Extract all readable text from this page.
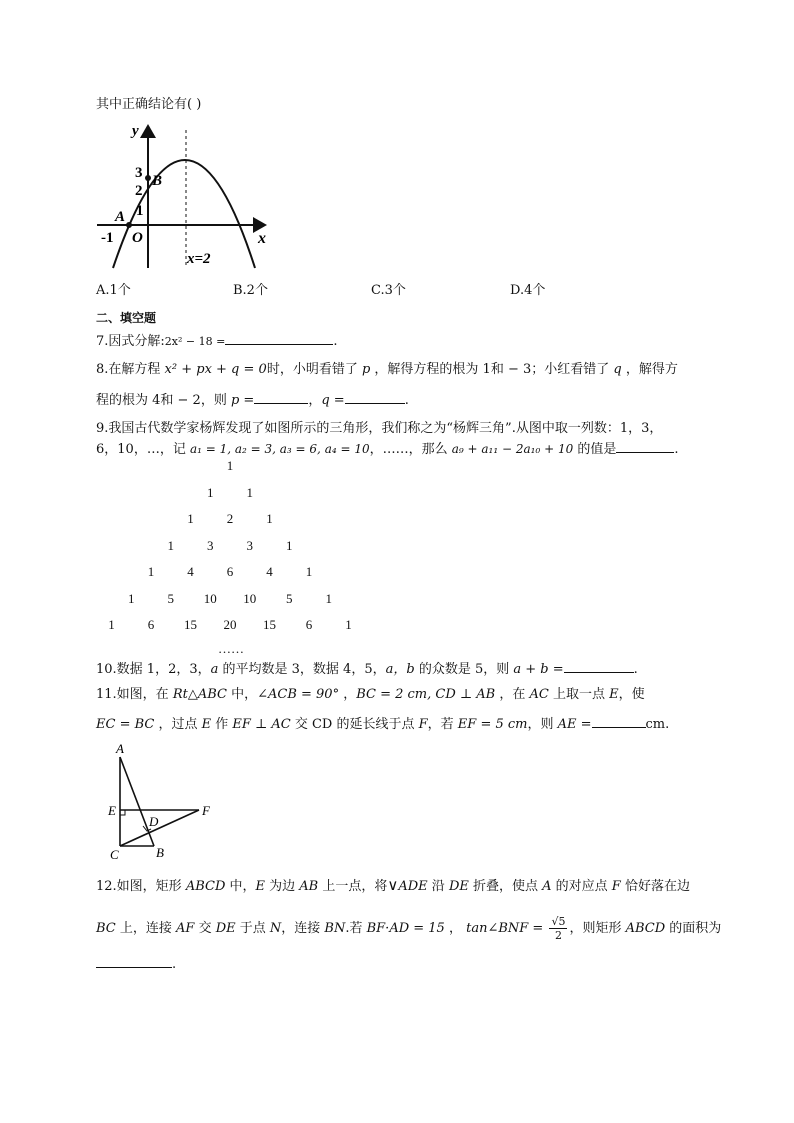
其中正确结论有( )
y
x
O
A
B
3
2
1
-1
x=2
A.1个	B.2个	C.3个	D.4个
二、填空题
7.因式分解:2x² − 18 =	.
8.在解方程 x² + px + q = 0时，小明看错了 p ，解得方程的根为 1和 − 3；小红看错了 q ，解得方
程的根为 4和 − 2，则 p =	，q =	.
9.我国古代数学家杨辉发现了如图所示的三角形，我们称之为“杨辉三角”.从图中取一列数：1，3，
6，10，…，记 a₁ = 1, a₂ = 3, a₃ = 6, a₄ = 10，……，那么 a₉ + a₁₁ − 2a₁₀ + 10 的值是	.
1
1	1
1	2	1
1	3	3	1
1	4	6	4	1
1	5	10 10	5	1
1	6	15 20 15	6	1
……
10.数据 1，2，3，a 的平均数是 3，数据 4，5，a，b 的众数是 5，则 a + b =	.
11.如图，在 Rt△ABC 中，∠ACB = 90° ，BC = 2 cm, CD ⊥ AB ，在 AC 上取一点 E，使
EC = BC ，过点 E 作 EF ⊥ AC 交 CD 的延长线于点 F，若 EF = 5 cm，则 AE =	cm.
A
E	F
D
C	B
12.如图，矩形 ABCD 中，E 为边 AB 上一点，将∨ADE 沿 DE 折叠，使点 A 的对应点 F 恰好落在边
BC 上，连接 AF 交 DE 于点 N，连接 BN.若 BF·AD = 15 ， tan∠BNF = $\frac{√5}{2}$ ，则矩形 ABCD 的面积为
.
